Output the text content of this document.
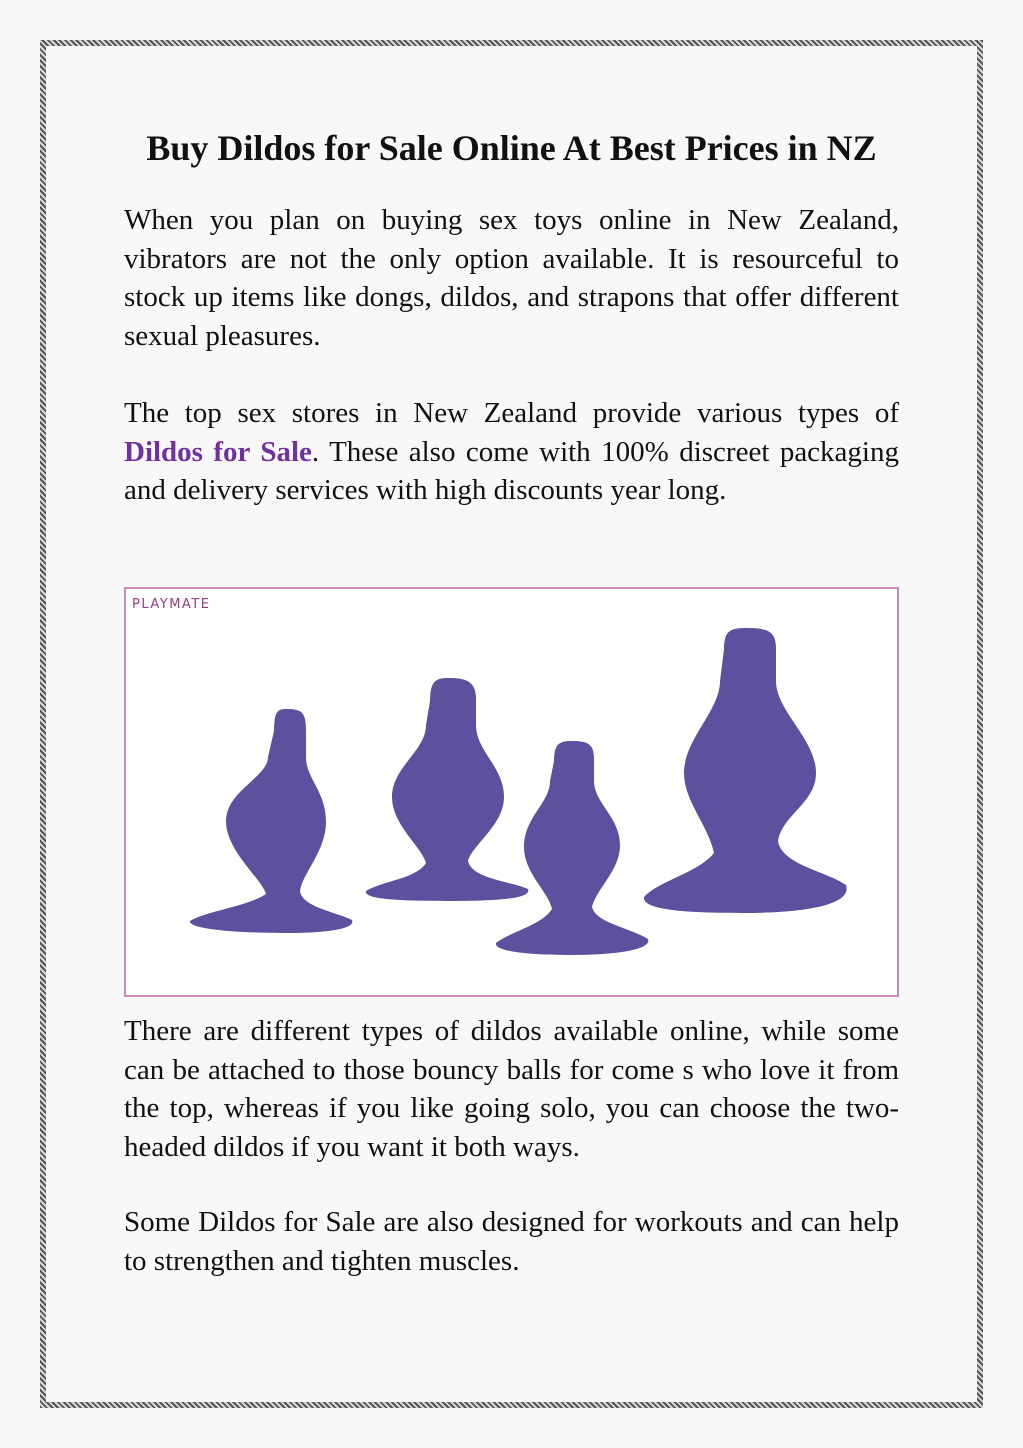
Buy Dildos for Sale Online At Best Prices in NZ

When you plan on buying sex toys online in New Zealand, vibrators are not the only option available. It is resourceful to stock up items like dongs, dildos, and strapons that offer different sexual pleasures.

The top sex stores in New Zealand provide various types of Dildos for Sale. These also come with 100% discreet packaging and delivery services with high discounts year long.

There are different types of dildos available online, while some can be attached to those bouncy balls for come s who love it from the top, whereas if you like going solo, you can choose the two-headed dildos if you want it both ways.

Some Dildos for Sale are also designed for workouts and can help to strengthen and tighten muscles.

PLAYMATE
